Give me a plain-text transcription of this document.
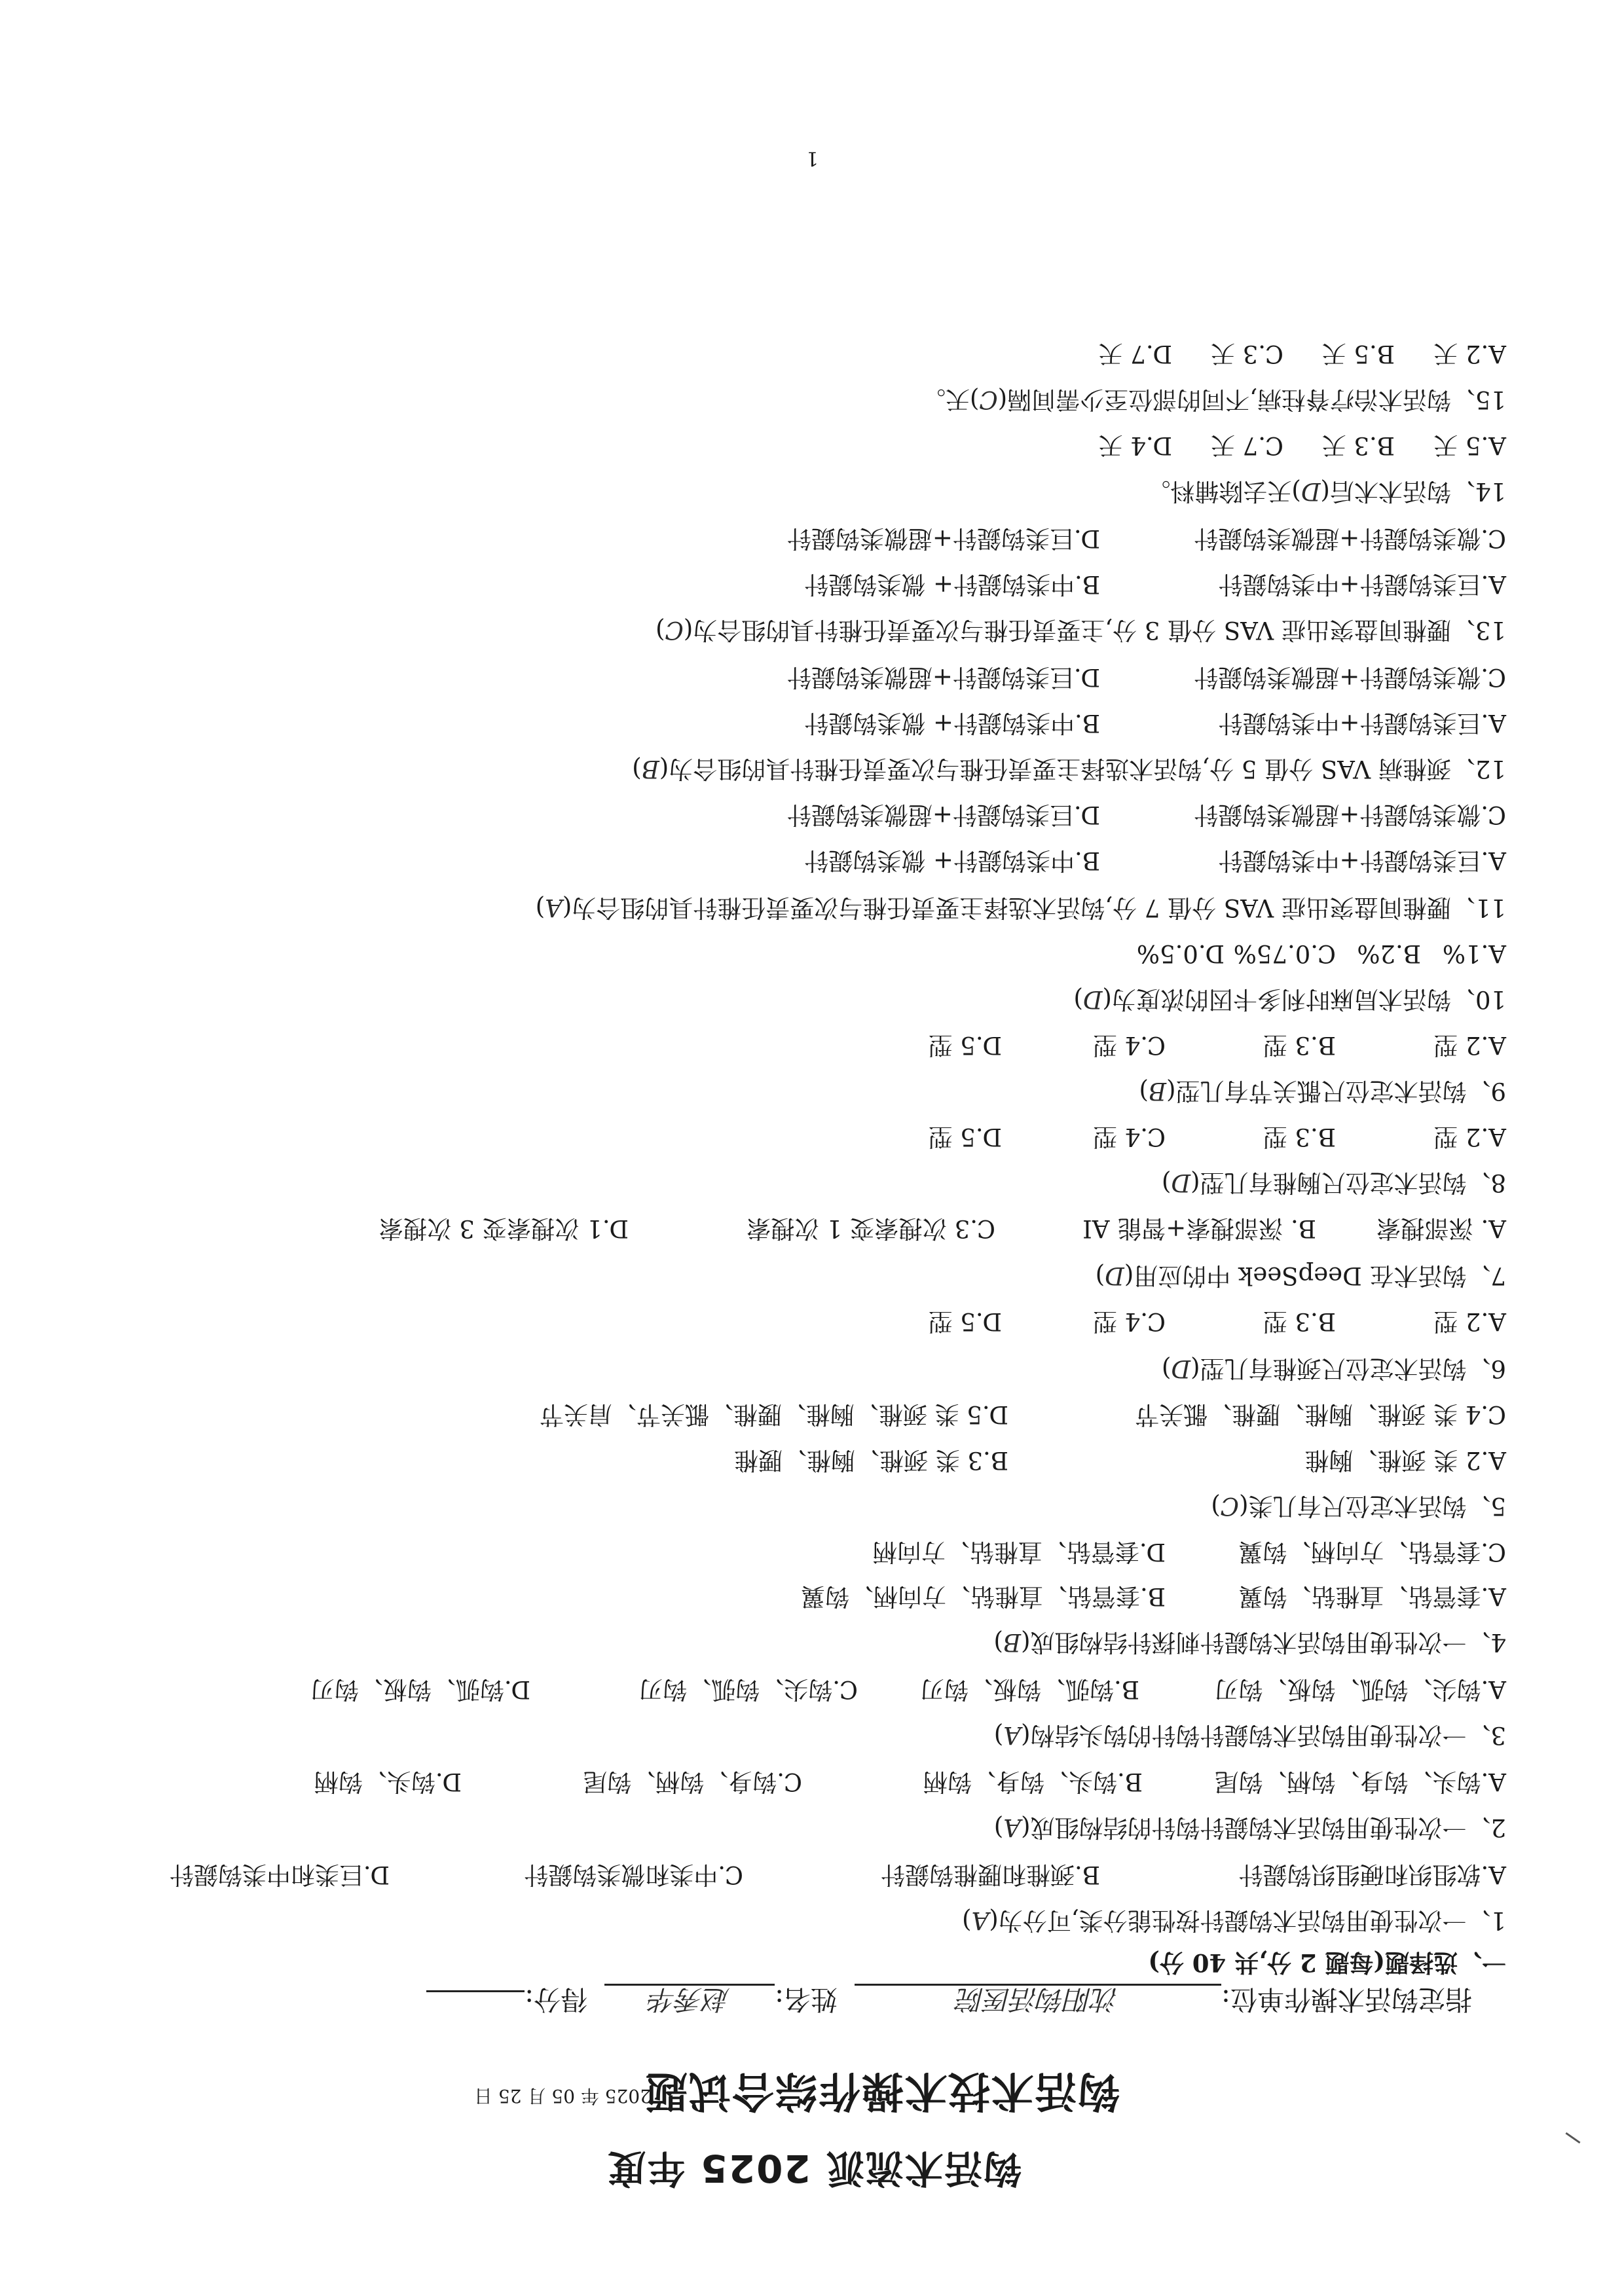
钩活术流派 2025 年度
钩活术技术操作综合试题
2025 年 05 月 25 日

指定钩活术操作单位:沈阳钩活医院  姓名:赵秀华  得分:

一、选择题(每题 2 分,共 40 分)
1、一次性使用钩活术钩鍉针按性能分类,可分为(A)
A.软组织和硬组织钩鍉针B.颈椎和腰椎钩鍉针C.中类和微类钩鍉针D.巨类和中类钩鍉针
2、一次性使用钩活术钩鍉针钩针的结构组成(A)
A.钩头、钩身、钩柄、钩尾B.钩头、钩身、钩柄C.钩身、钩柄、钩尾D.钩头、钩柄
3、一次性使用钩活术钩鍉针钩针的钩头结构(A)
A.钩尖、钩弧、钩板、钩刃B.钩弧、钩板、钩刃C.钩尖、钩弧、钩刃D.钩弧、钩板、钩刃
4、一次性使用钩活术钩鍉针刺探针结构组成(B)
A.套管钻、直椎钻、钩翼B.套管钻、直椎钻、方向柄、钩翼
C.套管钻、方向柄、钩翼D.套管钻、直椎钻、方向柄
5、钩活术定位尺有几类(C)
A.2 类 颈椎、胸椎B.3 类 颈椎、胸椎、腰椎
C.4 类 颈椎、胸椎、腰椎、骶关节D.5 类 颈椎、胸椎、腰椎、骶关节、肩关节
6、钩活术定位尺颈椎有几型(D)
A.2 型B.3 型C.4 型D.5 型
7、钩活术在 DeepSeek 中的应用(D)
A. 深部搜索B. 深部搜索+智能 AIC.3 次搜索变 1 次搜索D.1 次搜索变 3 次搜索
8、钩活术定位尺胸椎有几型(D)
A.2 型B.3 型C.4 型D.5 型
9、钩活术定位尺骶关节有几型(B)
A.2 型B.3 型C.4 型D.5 型
10、钩活术局麻时利多卡因的浓度为(D)
A.1%B.2%C.0.75%D.0.5%
11、腰椎间盘突出症 VAS 分值 7 分,钩活术选择主要责任椎与次要责任椎针具的组合为(A)
A.巨类钩鍉针+中类钩鍉针B.中类钩鍉针+ 微类钩鍉针
C.微类钩鍉针+超微类钩鍉针D.巨类钩鍉针+超微类钩鍉针
12、颈椎病 VAS 分值 5 分,钩活术选择主要责任椎与次要责任椎针具的组合为(B)
A.巨类钩鍉针+中类钩鍉针B.中类钩鍉针+ 微类钩鍉针
C.微类钩鍉针+超微类钩鍉针D.巨类钩鍉针+超微类钩鍉针
13、腰椎间盘突出症 VAS 分值 3 分,主要责任椎与次要责任椎针具的组合为(C)
A.巨类钩鍉针+中类钩鍉针B.中类钩鍉针+ 微类钩鍉针
C.微类钩鍉针+超微类钩鍉针D.巨类钩鍉针+超微类钩鍉针
14、钩活术术后(D)天去除辅料。
A.5 天B.3 天C.7 天D.4 天
15、钩活术治疗脊柱病,不同的部位至少需间隔(C)天。
A.2 天B.5 天C.3 天D.7 天
1
